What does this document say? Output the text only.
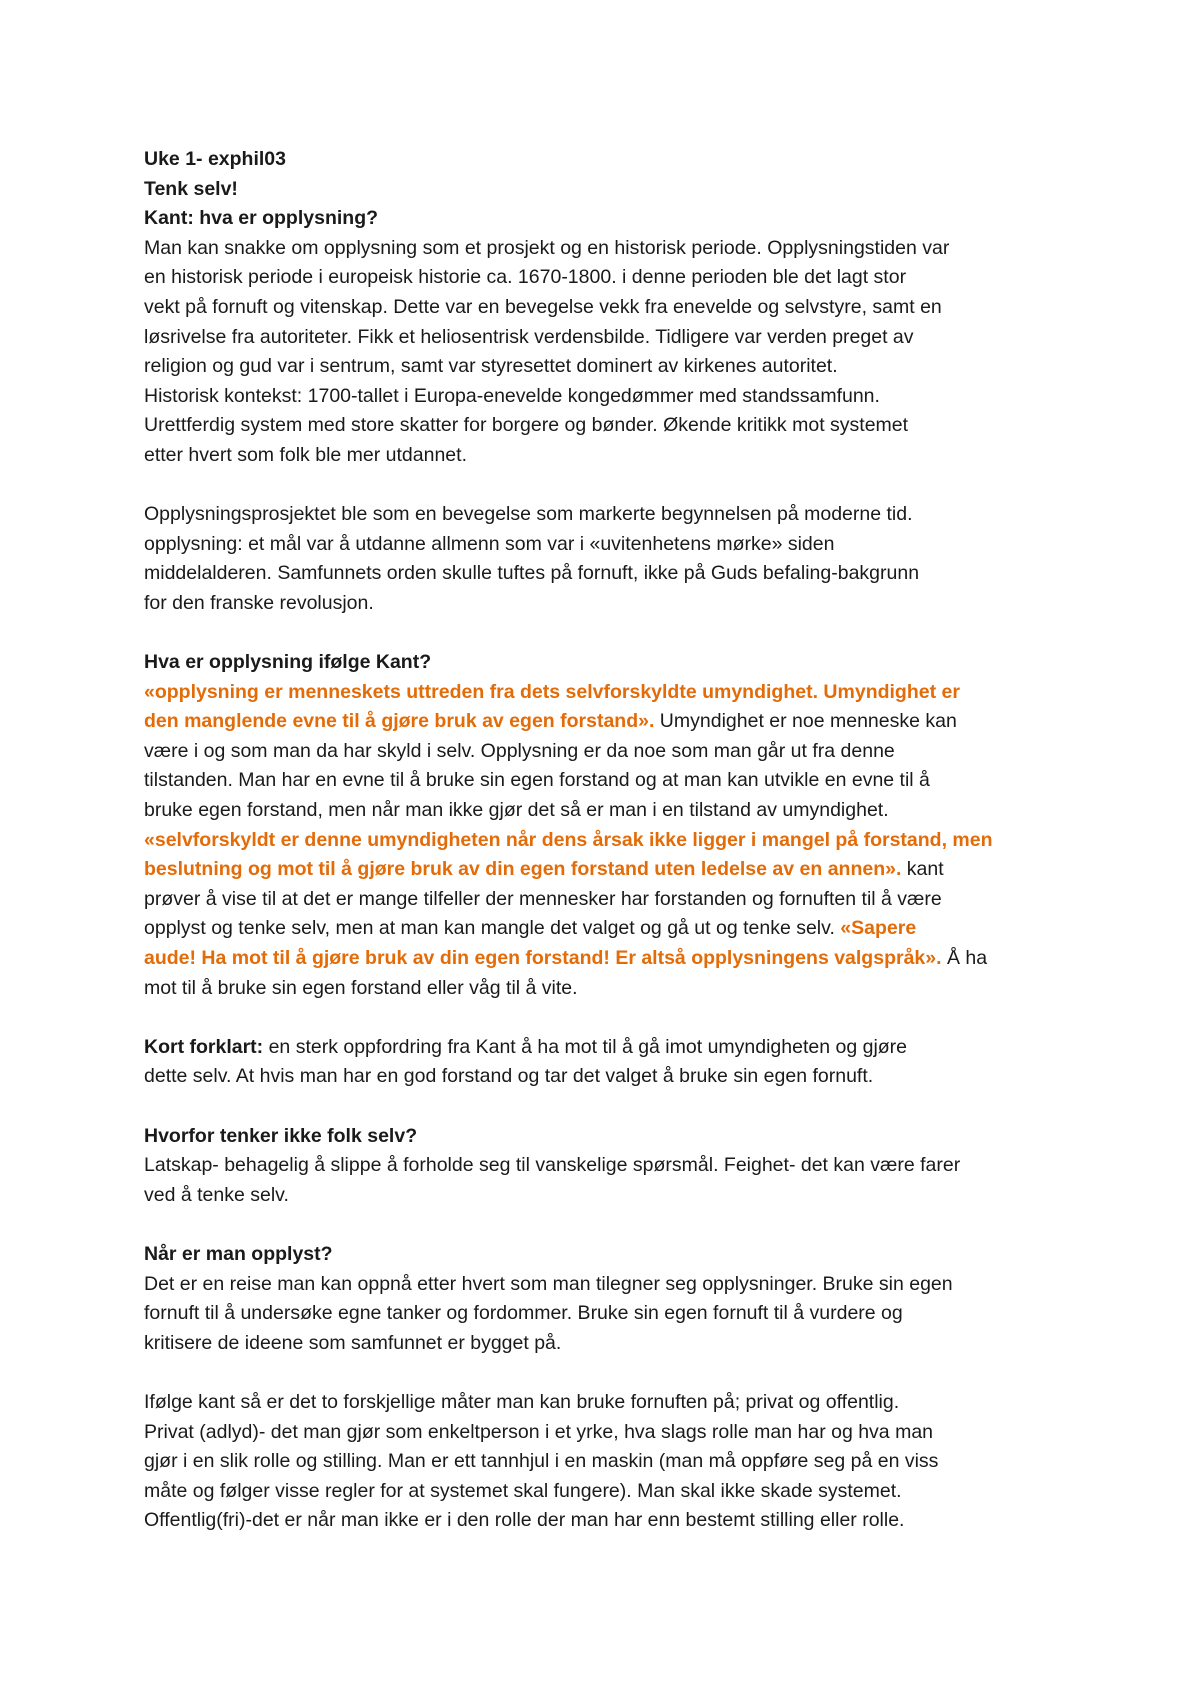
Uke 1- exphil03
Tenk selv!
Kant: hva er opplysning?
Man kan snakke om opplysning som et prosjekt og en historisk periode. Opplysningstiden var
en historisk periode i europeisk historie ca. 1670-1800. i denne perioden ble det lagt stor
vekt på fornuft og vitenskap. Dette var en bevegelse vekk fra enevelde og selvstyre, samt en
løsrivelse fra autoriteter. Fikk et heliosentrisk verdensbilde. Tidligere var verden preget av
religion og gud var i sentrum, samt var styresettet dominert av kirkenes autoritet.
Historisk kontekst: 1700-tallet i Europa-enevelde kongedømmer med standssamfunn.
Urettferdig system med store skatter for borgere og bønder. Økende kritikk mot systemet
etter hvert som folk ble mer utdannet.
Opplysningsprosjektet ble som en bevegelse som markerte begynnelsen på moderne tid.
opplysning: et mål var å utdanne allmenn som var i «uvitenhetens mørke» siden
middelalderen. Samfunnets orden skulle tuftes på fornuft, ikke på Guds befaling-bakgrunn
for den franske revolusjon.
Hva er opplysning ifølge Kant?
«opplysning er menneskets uttreden fra dets selvforskyldte umyndighet. Umyndighet er
den manglende evne til å gjøre bruk av egen forstand». Umyndighet er noe menneske kan
være i og som man da har skyld i selv. Opplysning er da noe som man går ut fra denne
tilstanden. Man har en evne til å bruke sin egen forstand og at man kan utvikle en evne til å
bruke egen forstand, men når man ikke gjør det så er man i en tilstand av umyndighet.
«selvforskyldt er denne umyndigheten når dens årsak ikke ligger i mangel på forstand, men
beslutning og mot til å gjøre bruk av din egen forstand uten ledelse av en annen». kant
prøver å vise til at det er mange tilfeller der mennesker har forstanden og fornuften til å være
opplyst og tenke selv, men at man kan mangle det valget og gå ut og tenke selv. «Sapere
aude! Ha mot til å gjøre bruk av din egen forstand! Er altså opplysningens valgspråk». Å ha
mot til å bruke sin egen forstand eller våg til å vite.
Kort forklart: en sterk oppfordring fra Kant å ha mot til å gå imot umyndigheten og gjøre
dette selv. At hvis man har en god forstand og tar det valget å bruke sin egen fornuft.
Hvorfor tenker ikke folk selv?
Latskap- behagelig å slippe å forholde seg til vanskelige spørsmål. Feighet- det kan være farer
ved å tenke selv.
Når er man opplyst?
Det er en reise man kan oppnå etter hvert som man tilegner seg opplysninger. Bruke sin egen
fornuft til å undersøke egne tanker og fordommer. Bruke sin egen fornuft til å vurdere og
kritisere de ideene som samfunnet er bygget på.
Ifølge kant så er det to forskjellige måter man kan bruke fornuften på; privat og offentlig.
Privat (adlyd)- det man gjør som enkeltperson i et yrke, hva slags rolle man har og hva man
gjør i en slik rolle og stilling. Man er ett tannhjul i en maskin (man må oppføre seg på en viss
måte og følger visse regler for at systemet skal fungere). Man skal ikke skade systemet.
Offentlig(fri)-det er når man ikke er i den rolle der man har enn bestemt stilling eller rolle.
